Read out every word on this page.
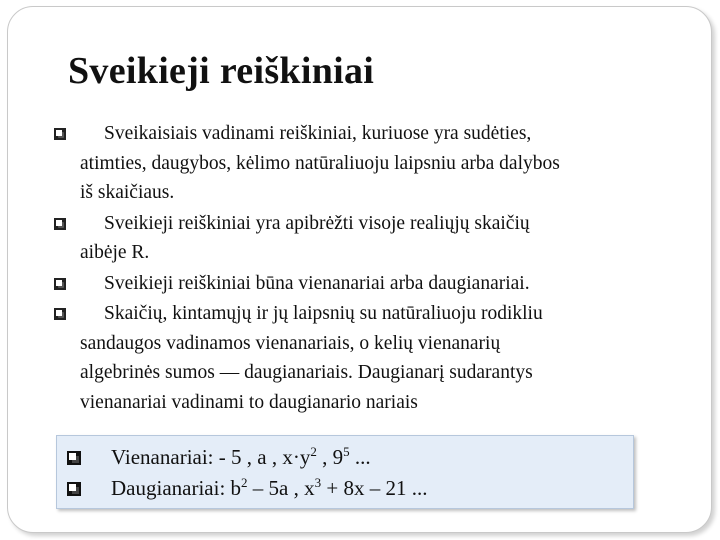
Sveikieji reiškiniai
Sveikaisiais vadinami reiškiniai, kuriuose yra sudėties,
atimties, daugybos, kėlimo natūraliuoju laipsniu arba dalybos
iš skaičiaus.
Sveikieji reiškiniai yra apibrėžti visoje realiųjų skaičių
aibėje R.
Sveikieji reiškiniai būna vienanariai arba daugianariai.
Skaičių, kintamųjų ir jų laipsnių su natūraliuoju rodikliu
sandaugos vadinamos vienanariais, o kelių vienanarių
algebrinės sumos — daugianariais. Daugianarį sudarantys
vienanariai vadinami to daugianario nariais
Vienanariai:
- 5 , a , $x\cdot y^2$ , $9^5$ ...
Daugianariai:
$b^2 - 5a$ , $x^3 + 8x - 21$ ...
